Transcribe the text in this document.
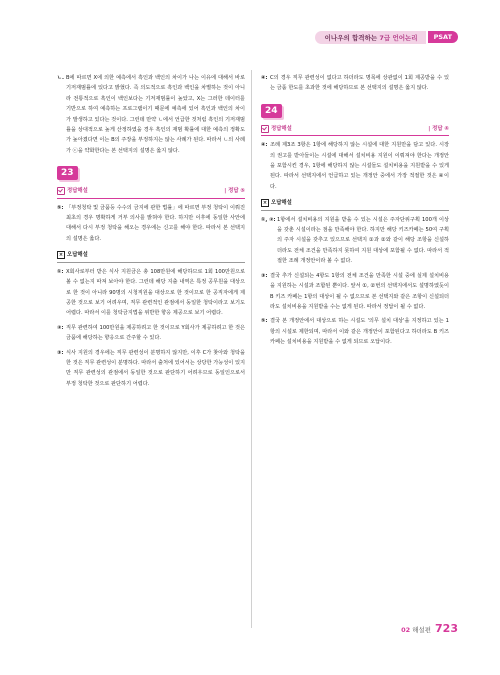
이나우의 합격하는 7급 언어논리	PSAT
ㄴ. B에 따르면 X에 의한 예측에서 흑인과 백인의 차이가 나는 이유에 대해서 바로 기저재범률에 있다고 밝혔다. 즉 의도적으로 흑인과 백인을 차별하는 것이 아니라 전통적으로 흑인이 백인보다는 기저재범률이 높았고, X는 그러한 데이터를 기반으로 하여 예측하는 프로그램이기 때문에 예측에 있어 흑인과 백인의 차이가 발생하고 있다는 것이다. 그런데 만약 ㄴ에서 언급한 것처럼 흑인의 기저재범률을 상대적으로 높게 산정하였을 경우 흑인의 재범 확률에 대한 예측의 정확도가 높아졌다면 이는 B의 주장을 부정하지는 않는 사례가 된다. 따라서 ㄴ의 사례가 ⓒ을 약화한다는 본 선택지의 설명은 옳지 않다.
23
정답해설	| 정답 ⑤
⑤: 「부정청탁 및 금품등 수수의 금지에 관한 법률」에 따르면 부정 청탁이 이뤄진 최초의 경우 명확하게 거부 의사를 밝혀야 한다. 하지만 이후에 동일한 사안에 대해서 다시 부정 청탁을 해오는 경우에는 신고를 해야 한다. 따라서 본 선택지의 설명은 옳다.
× 오답해설
①: X회사로부터 받은 식사 지원금은 총 108만원에 해당하므로 1회 100만원으로 볼 수 없는지 따져 보아야 한다. 그런데 해당 지출 내역은 특정 공무원을 대상으로 한 것이 아니라 90명의 시청직원을 대상으로 한 것이므로 한 공직자에게 제공한 것으로 보기 어려우며, 직무 관련적인 관점에서 동일한 청탁이라고 보기도 어렵다. 따라서 이를 청탁금지법을 위반한 향응 제공으로 보기 어렵다.
②: 직무 관련하여 100만원을 제공하려고 한 것이므로 Y회사가 제공하려고 한 것은 금품에 해당하는 향응으로 간주할 수 있다.
③: 식사 지원의 경우에는 직무 관련성이 분명하지 않지만, 이후 C가 찾아와 청탁을 한 것은 직무 관련성이 분명하다. 따라서 출처에 있어서는 상당한 가능성이 있지만 직무 관련성의 관점에서 동일한 것으로 판단하기 어려우므로 동일인으로서 부정 청탁한 것으로 판단하기 어렵다.
④: C의 경우 직무 관련성이 없다고 하더라도 명목에 상관없이 1회 제공받을 수 있는 금품 한도를 초과한 것에 해당하므로 본 선택지의 설명은 옳지 않다.
24
정답해설	| 정답 ④
④: 조례 제3조 3항은 1항에 해당하지 않는 시설에 대한 지원만을 담고 있다. 시장의 권고를 받아들이는 시설에 대해서 설치비용 지원이 이뤄져야 한다는 개정안을 포함시킨 경우, 1항에 해당하지 않는 시설들도 설치비용을 지원받을 수 있게 된다. 따라서 선택지에서 언급하고 있는 개정안 중에서 가장 적절한 것은 ④이다.
× 오답해설
①, ②: 1항에서 설치비용의 지원을 받을 수 있는 시설은 주자단위구획 100개 이상을 갖춘 시설이라는 점을 만족해야 한다. 하지만 해당 키즈카페는 50여 구획의 주자 시설을 갖추고 있으므로 선택지 ①과 ②와 같이 해당 조항을 신설하더라도 전체 조건을 만족하지 못하여 지원 대상에 포함될 수 없다. 따라서 적절한 조례 개정안이라 볼 수 없다.
③: 결국 추가 신설되는 4항도 1항의 전체 조건을 만족한 시설 중에 실제 설치비용을 지원하는 시설과 조합된 뿐이다. 앞서 ①, ②번의 선택지에서도 설명하였듯이 B 키즈 카페는 1항의 대상이 될 수 없으므로 본 선택지와 같은 조항이 신설되더라도 설치비용을 지원받을 수는 없게 된다. 따라서 정답이 될 수 없다.
⑤: 결국 본 개정안에서 대상으로 하는 시설도 '의무 설치 대상'을 지정하고 있는 1항의 시설로 제한되며, 따라서 이와 같은 개정안이 포함된다고 하더라도 B 키즈 카페는 설치비용을 지원받을 수 없게 되므로 오답이다.
02 해설편 723
